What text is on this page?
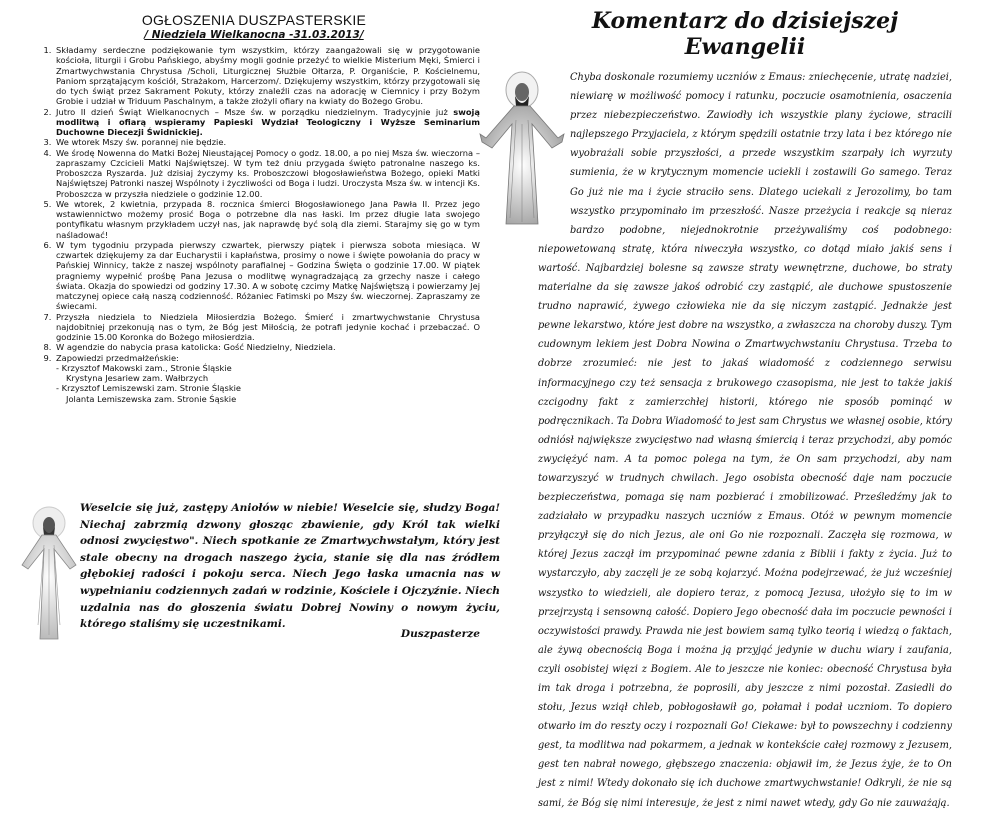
OGŁOSZENIA DUSZPASTERSKIE
/ Niedziela Wielkanocna -31.03.2013/
1. Składamy serdeczne podziękowanie tym wszystkim, którzy zaangażowali się w przygotowanie kościoła, liturgii i Grobu Pańskiego, abyśmy mogli godnie przeżyć to wielkie Misterium Męki, Śmierci i Zmartwychwstania Chrystusa /Scholi, Liturgicznej Służbie Ołtarza, P. Organiście, P. Kościelnemu, Paniom sprzątającym kościół, Strażakom, Harcerzom/. Dziękujemy wszystkim, którzy przygotowali się do tych świąt przez Sakrament Pokuty, którzy znaleźli czas na adorację w Ciemnicy i przy Bożym Grobie i udział w Triduum Paschalnym, a także złożyli ofiary na kwiaty do Bożego Grobu.
2. Jutro II dzień Świąt Wielkanocnych – Msze św. w porządku niedzielnym. Tradycyjnie już swoją modlitwą i ofiarą wspieramy Papieski Wydział Teologiczny i Wyższe Seminarium Duchowne Diecezji Świdnickiej.
3. We wtorek Mszy św. porannej nie będzie.
4. We środę Nowenna do Matki Bożej Nieustającej Pomocy o godz. 18.00, a po niej Msza św. wieczorna – zapraszamy Czcicieli Matki Najświętszej. W tym też dniu przygada święto patronalne naszego ks. Proboszcza Ryszarda. Już dzisiaj życzymy ks. Proboszczowi błogosławieństwa Bożego, opieki Matki Najświętszej Patronki naszej Wspólnoty i życzliwości od Boga i ludzi. Uroczysta Msza św. w intencji Ks. Proboszcza w przyszła niedziele o godzinie 12.00.
5. We wtorek, 2 kwietnia, przypada 8. rocznica śmierci Błogosławionego Jana Pawła II. Przez jego wstawiennictwo możemy prosić Boga o potrzebne dla nas łaski. Im przez długie lata swojego pontyfikatu własnym przykładem uczył nas, jak naprawdę być solą dla ziemi. Starajmy się go w tym naśladować!
6. W tym tygodniu przypada pierwszy czwartek, pierwszy piątek i pierwsza sobota miesiąca. W czwartek dziękujemy za dar Eucharystii i kapłaństwa, prosimy o nowe i święte powołania do pracy w Pańskiej Winnicy, także z naszej wspólnoty parafialnej – Godzina Święta o godzinie 17.00. W piątek pragniemy wypełnić prośbę Pana Jezusa o modlitwę wynagradzającą za grzechy nasze i całego świata. Okazja do spowiedzi od godziny 17.30. A w sobotę czcimy Matkę Najświętszą i powierzamy Jej matczynej opiece całą naszą codzienność. Różaniec Fatimski po Mszy św. wieczornej. Zapraszamy ze świecami.
7. Przyszła niedziela to Niedziela Miłosierdzia Bożego. Śmierć i zmartwychwstanie Chrystusa najdobitniej przekonują nas o tym, że Bóg jest Miłością, że potrafi jedynie kochać i przebaczać. O godzinie 15.00 Koronka do Bożego miłosierdzia.
8. W agendzie do nabycia prasa katolicka: Gość Niedzielny, Niedziela.
9. Zapowiedzi przedmałżeńskie:
- Krzysztof Makowski zam., Stronie Śląskie
Krystyna Jesariew zam. Wałbrzych
- Krzysztof Lemiszewski zam. Stronie Śląskie
Jolanta Lemiszewska zam. Stronie Śąskie
Weselcie się już, zastępy Aniołów w niebie! Weselcie się, słudzy Boga! Niechaj zabrzmią dzwony głosząc zbawienie, gdy Król tak wielki odnosi zwycięstwo". Niech spotkanie ze Zmartwychwstałym, który jest stale obecny na drogach naszego życia, stanie się dla nas źródłem głębokiej radości i pokoju serca. Niech Jego łaska umacnia nas w wypełnianiu codziennych zadań w rodzinie, Kościele i Ojczyźnie. Niech uzdalnia nas do głoszenia światu Dobrej Nowiny o nowym życiu, którego staliśmy się uczestnikami.
Duszpasterze
Komentarz do dzisiejszej Ewangelii
Chyba doskonale rozumiemy uczniów z Emaus: zniechęcenie, utratę nadziei, niewiarę w możliwość pomocy i ratunku, poczucie osamotnienia, osaczenia przez niebezpieczeństwo. Zawiodły ich wszystkie plany życiowe, stracili najlepszego Przyjaciela, z którym spędzili ostatnie trzy lata i bez którego nie wyobrażali sobie przyszłości, a przede wszystkim szarpały ich wyrzuty sumienia, że w krytycznym momencie uciekli i zostawili Go samego. Teraz Go już nie ma i życie straciło sens. Dlatego uciekali z Jerozolimy, bo tam wszystko przypominało im przeszłość. Nasze przeżycia i reakcje są nieraz bardzo podobne, niejednokrotnie przeżywaliśmy coś podobnego: niepowetowaną stratę, która niweczyła wszystko, co dotąd miało jakiś sens i wartość. Najbardziej bolesne są zawsze straty wewnętrzne, duchowe, bo straty materialne da się zawsze jakoś odrobić czy zastąpić, ale duchowe spustoszenie trudno naprawić, żywego człowieka nie da się niczym zastąpić. Jednakże jest pewne lekarstwo, które jest dobre na wszystko, a zwłaszcza na choroby duszy. Tym cudownym lekiem jest Dobra Nowina o Zmartwychwstaniu Chrystusa. Trzeba to dobrze zrozumieć: nie jest to jakaś wiadomość z codziennego serwisu informacyjnego czy też sensacja z brukowego czasopisma, nie jest to także jakiś czcigodny fakt z zamierzchłej historii, którego nie sposób pominąć w podręcznikach. Ta Dobra Wiadomość to jest sam Chrystus we własnej osobie, który odniósł największe zwycięstwo nad własną śmiercią i teraz przychodzi, aby pomóc zwyciężyć nam. A ta pomoc polega na tym, że On sam przychodzi, aby nam towarzyszyć w trudnych chwilach. Jego osobista obecność daje nam poczucie bezpieczeństwa, pomaga się nam pozbierać i zmobilizować. Prześledźmy jak to zadziałało w przypadku naszych uczniów z Emaus. Otóż w pewnym momencie przyłączył się do nich Jezus, ale oni Go nie rozpoznali. Zaczęła się rozmowa, w której Jezus zaczął im przypominać pewne zdania z Biblii i fakty z życia. Już to wystarczyło, aby zaczęli je ze sobą kojarzyć. Można podejrzewać, że już wcześniej wszystko to wiedzieli, ale dopiero teraz, z pomocą Jezusa, ułożyło się to im w przejrzystą i sensowną całość. Dopiero Jego obecność dała im poczucie pewności i oczywistości prawdy. Prawda nie jest bowiem samą tylko teorią i wiedzą o faktach, ale żywą obecnością Boga i można ją przyjąć jedynie w duchu wiary i zaufania, czyli osobistej więzi z Bogiem. Ale to jeszcze nie koniec: obecność Chrystusa była im tak droga i potrzebna, że poprosili, aby jeszcze z nimi pozostał. Zasiedli do stołu, Jezus wziął chleb, pobłogosławił go, połamał i podał uczniom. To dopiero otwarło im do reszty oczy i rozpoznali Go! Ciekawe: był to powszechny i codzienny gest, ta modlitwa nad pokarmem, a jednak w kontekście całej rozmowy z Jezusem, gest ten nabrał nowego, głębszego znaczenia: objawił im, że Jezus żyje, że to On jest z nimi! Wtedy dokonało się ich duchowe zmartwychwstanie! Odkryli, że nie są sami, że Bóg się nimi interesuje, że jest z nimi nawet wtedy, gdy Go nie zauważają.
